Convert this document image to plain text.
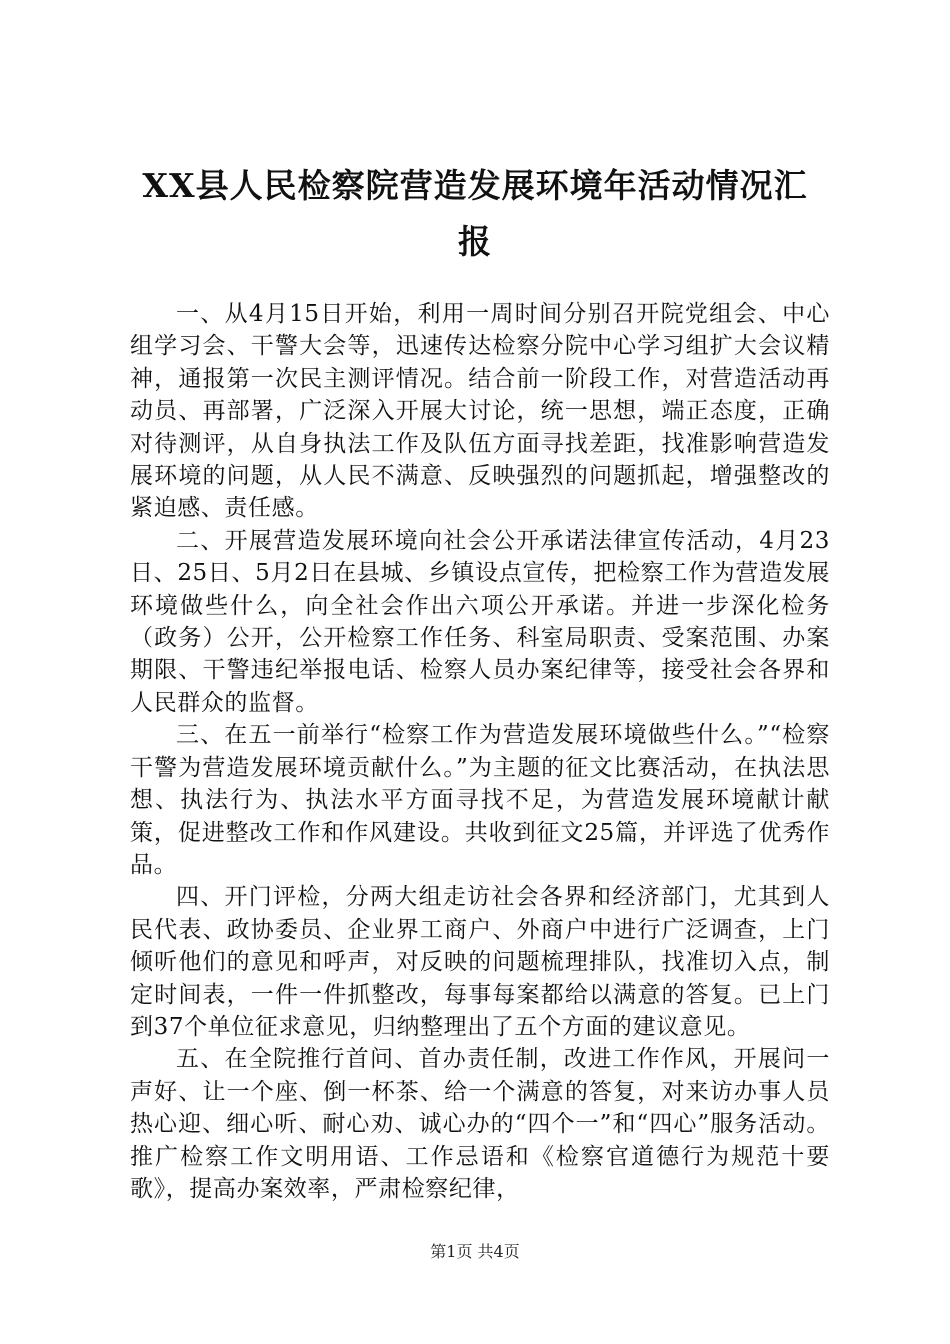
XX县人民检察院营造发展环境年活动情况汇报

一、从4月15日开始，利用一周时间分别召开院党组会、中心组学习会、干警大会等，迅速传达检察分院中心学习组扩大会议精神，通报第一次民主测评情况。结合前一阶段工作，对营造活动再动员、再部署，广泛深入开展大讨论，统一思想，端正态度，正确对待测评，从自身执法工作及队伍方面寻找差距，找准影响营造发展环境的问题，从人民不满意、反映强烈的问题抓起，增强整改的紧迫感、责任感。

二、开展营造发展环境向社会公开承诺法律宣传活动，4月23日、25日、5月2日在县城、乡镇设点宣传，把检察工作为营造发展环境做些什么，向全社会作出六项公开承诺。并进一步深化检务（政务）公开，公开检察工作任务、科室局职责、受案范围、办案期限、干警违纪举报电话、检察人员办案纪律等，接受社会各界和人民群众的监督。

三、在五一前举行“检察工作为营造发展环境做些什么。”“检察干警为营造发展环境贡献什么。”为主题的征文比赛活动，在执法思想、执法行为、执法水平方面寻找不足，为营造发展环境献计献策，促进整改工作和作风建设。共收到征文25篇，并评选了优秀作品。

四、开门评检，分两大组走访社会各界和经济部门，尤其到人民代表、政协委员、企业界工商户、外商户中进行广泛调查，上门倾听他们的意见和呼声，对反映的问题梳理排队，找准切入点，制定时间表，一件一件抓整改，每事每案都给以满意的答复。已上门到37个单位征求意见，归纳整理出了五个方面的建议意见。

五、在全院推行首问、首办责任制，改进工作作风，开展问一声好、让一个座、倒一杯茶、给一个满意的答复，对来访办事人员热心迎、细心听、耐心劝、诚心办的“四个一”和“四心”服务活动。推广检察工作文明用语、工作忌语和《检察官道德行为规范十要歌》，提高办案效率，严肃检察纪律，

第1页 共4页
